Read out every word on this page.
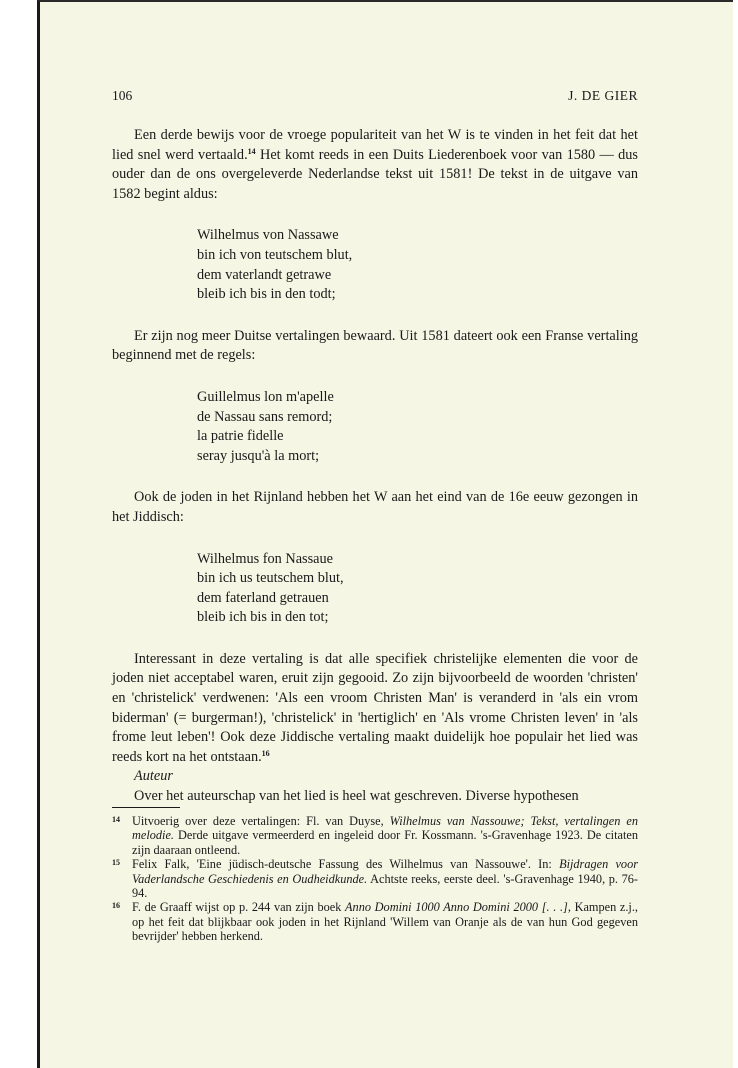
106	J. DE GIER

Een derde bewijs voor de vroege populariteit van het W is te vinden in het feit dat het lied snel werd vertaald.$^{14}$ Het komt reeds in een Duits Liederenboek voor van 1580 — dus ouder dan de ons overgeleverde Nederlandse tekst uit 1581! De tekst in de uitgave van 1582 begint aldus:

Wilhelmus von Nassawe
bin ich von teutschem blut,
dem vaterlandt getrawe
bleib ich bis in den todt;

Er zijn nog meer Duitse vertalingen bewaard. Uit 1581 dateert ook een Franse vertaling beginnend met de regels:

Guillelmus lon m'apelle
de Nassau sans remord;
la patrie fidelle
seray jusqu'à la mort;

Ook de joden in het Rijnland hebben het W aan het eind van de 16e eeuw gezongen in het Jiddisch:

Wilhelmus fon Nassaue
bin ich us teutschem blut,
dem faterland getrauen
bleib ich bis in den tot;

Interessant in deze vertaling is dat alle specifiek christelijke elementen die voor de joden niet acceptabel waren, eruit zijn gegooid. Zo zijn bijvoorbeeld de woorden 'christen' en 'christelick' verdwenen: 'Als een vroom Christen Man' is veranderd in 'als ein vrom biderman' (= burgerman!), 'christelick' in 'hertiglich' en 'Als vrome Christen leven' in 'als frome leut leben'! Ook deze Jiddische vertaling maakt duidelijk hoe populair het lied was reeds kort na het ontstaan.$^{16}$

Auteur

Over het auteurschap van het lied is heel wat geschreven. Diverse hypothesen

14 Uitvoerig over deze vertalingen: Fl. van Duyse, Wilhelmus van Nassouwe; Tekst, vertalingen en melodie. Derde uitgave vermeerderd en ingeleid door Fr. Kossmann. 's-Gravenhage 1923. De citaten zijn daaraan ontleend.

15 Felix Falk, 'Eine jüdisch-deutsche Fassung des Wilhelmus van Nassouwe'. In: Bijdragen voor Vaderlandsche Geschiedenis en Oudheidkunde. Achtste reeks, eerste deel. 's-Gravenhage 1940, p. 76-94.

16 F. de Graaff wijst op p. 244 van zijn boek Anno Domini 1000 Anno Domini 2000 [. . .], Kampen z.j., op het feit dat blijkbaar ook joden in het Rijnland 'Willem van Oranje als de van hun God gegeven bevrijder' hebben herkend.
